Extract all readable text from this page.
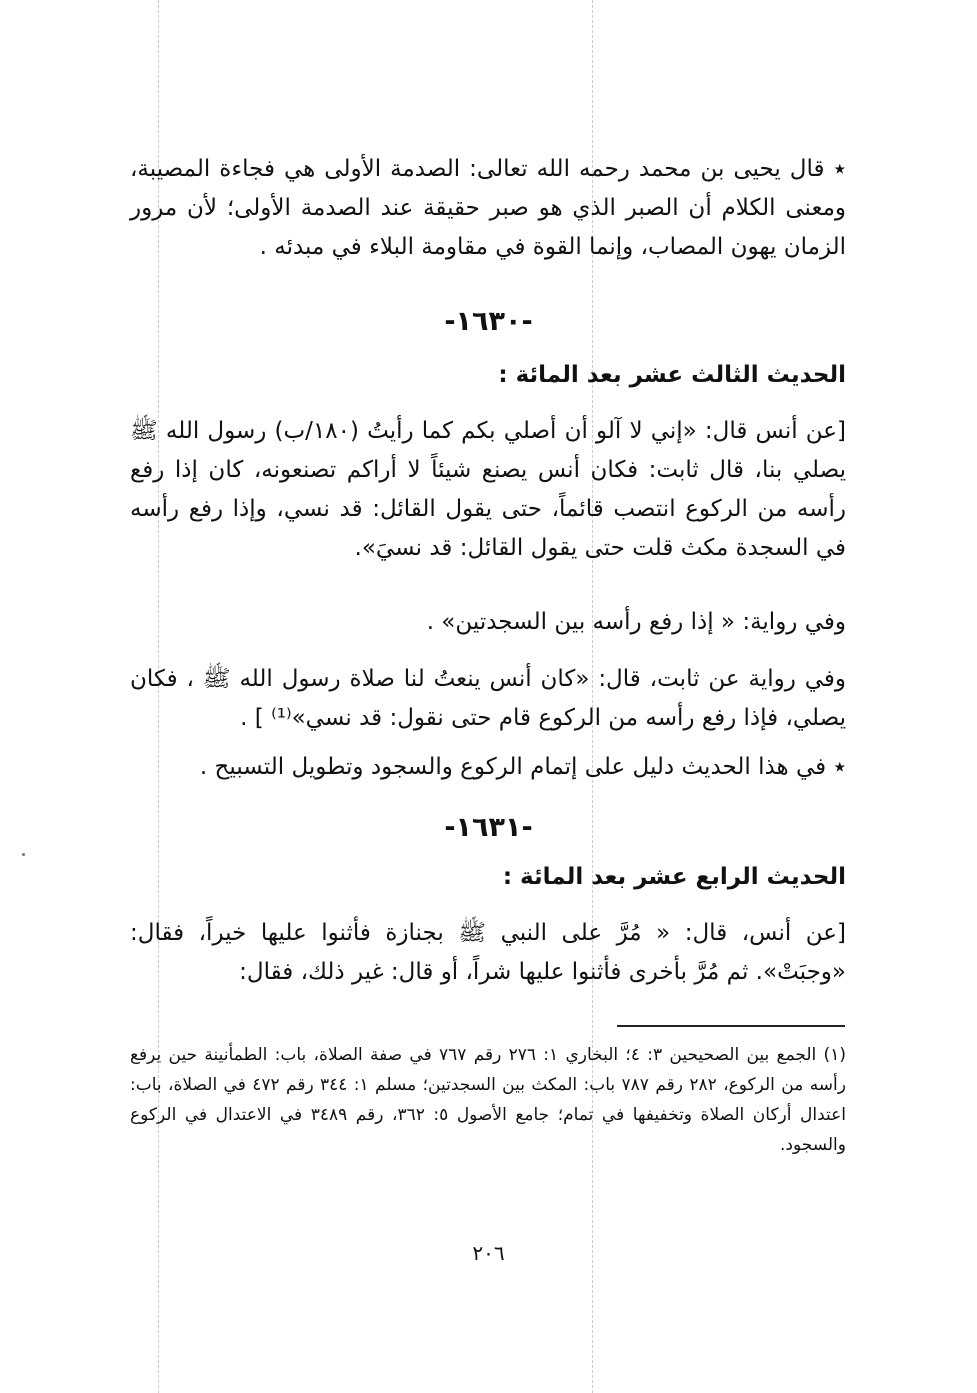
٭ قال يحيى بن محمد رحمه الله تعالى: الصدمة الأولى هي فجاءة المصيبة، ومعنى الكلام أن الصبر الذي هو صبر حقيقة عند الصدمة الأولى؛ لأن مرور الزمان يهون المصاب، وإنما القوة في مقاومة البلاء في مبدئه .
-١٦٣٠-
الحديث الثالث عشر بعد المائة :
[عن أنس قال: «إني لا آلو أن أصلي بكم كما رأيتُ (١٨٠/ب) رسول الله ﷺ يصلي بنا، قال ثابت: فكان أنس يصنع شيئاً لا أراكم تصنعونه، كان إذا رفع رأسه من الركوع انتصب قائماً، حتى يقول القائل: قد نسي، وإذا رفع رأسه في السجدة مكث قلت حتى يقول القائل: قد نسيَ».
وفي رواية: « إذا رفع رأسه بين السجدتين» .
وفي رواية عن ثابت، قال: «كان أنس ينعتُ لنا صلاة رسول الله ﷺ ، فكان يصلي، فإذا رفع رأسه من الركوع قام حتى نقول: قد نسي»⁽¹⁾ ] .
٭ في هذا الحديث دليل على إتمام الركوع والسجود وتطويل التسبيح .
-١٦٣١-
الحديث الرابع عشر بعد المائة :
[عن أنس، قال: « مُرَّ على النبي ﷺ بجنازة فأثنوا عليها خيراً، فقال: «وجبَتْ». ثم مُرَّ بأخرى فأثنوا عليها شراً، أو قال: غير ذلك، فقال:
(١) الجمع بين الصحيحين ٣: ٤؛ البخاري ١: ٢٧٦ رقم ٧٦٧ في صفة الصلاة، باب: الطمأنينة حين يرفع رأسه من الركوع، ٢٨٢ رقم ٧٨٧ باب: المكث بين السجدتين؛ مسلم ١: ٣٤٤ رقم ٤٧٢ في الصلاة، باب: اعتدال أركان الصلاة وتخفيفها في تمام؛ جامع الأصول ٥: ٣٦٢، رقم ٣٤٨٩ في الاعتدال في الركوع والسجود.
٢٠٦
